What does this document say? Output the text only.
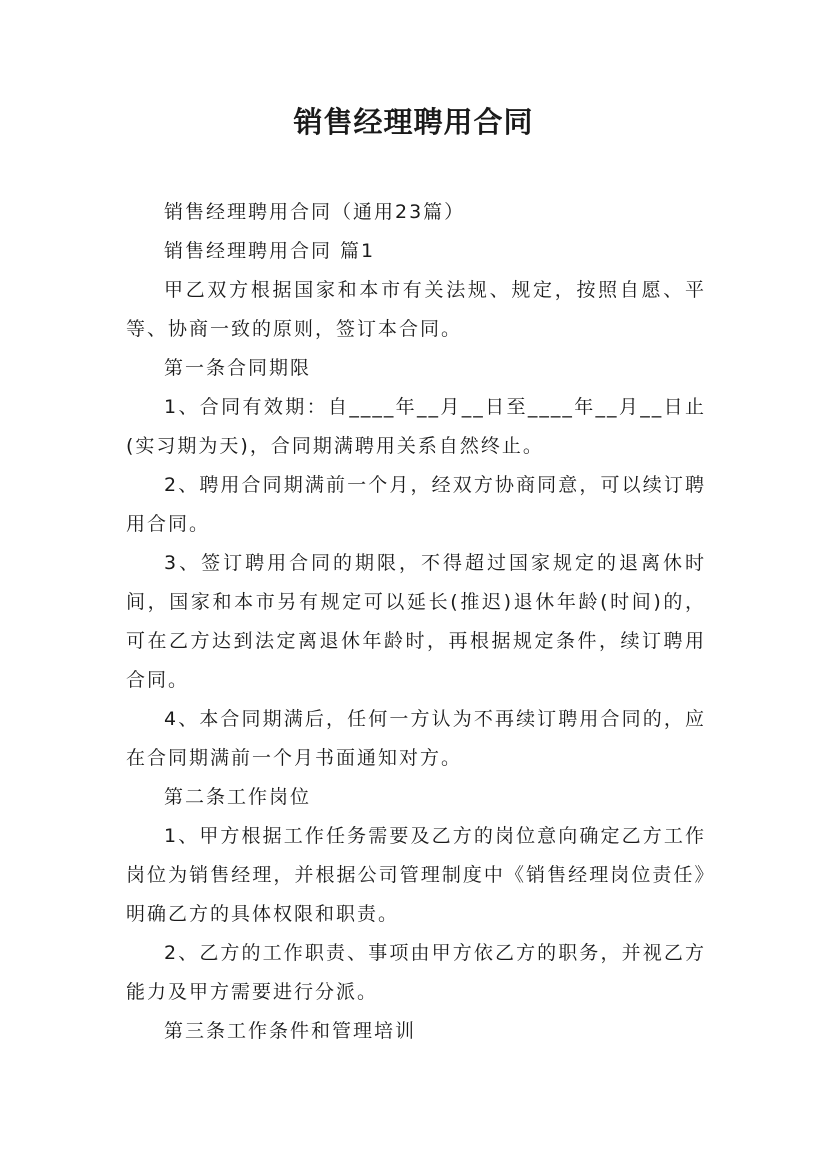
销售经理聘用合同

销售经理聘用合同（通用23篇）

销售经理聘用合同 篇1

甲乙双方根据国家和本市有关法规、规定，按照自愿、平等、协商一致的原则，签订本合同。

第一条合同期限

1、合同有效期：自____年__月__日至____年__月__日止(实习期为天)，合同期满聘用关系自然终止。

2、聘用合同期满前一个月，经双方协商同意，可以续订聘用合同。

3、签订聘用合同的期限，不得超过国家规定的退离休时间，国家和本市另有规定可以延长(推迟)退休年龄(时间)的，可在乙方达到法定离退休年龄时，再根据规定条件，续订聘用合同。

4、本合同期满后，任何一方认为不再续订聘用合同的，应在合同期满前一个月书面通知对方。

第二条工作岗位

1、甲方根据工作任务需要及乙方的岗位意向确定乙方工作岗位为销售经理，并根据公司管理制度中《销售经理岗位责任》明确乙方的具体权限和职责。

2、乙方的工作职责、事项由甲方依乙方的职务，并视乙方能力及甲方需要进行分派。

第三条工作条件和管理培训
